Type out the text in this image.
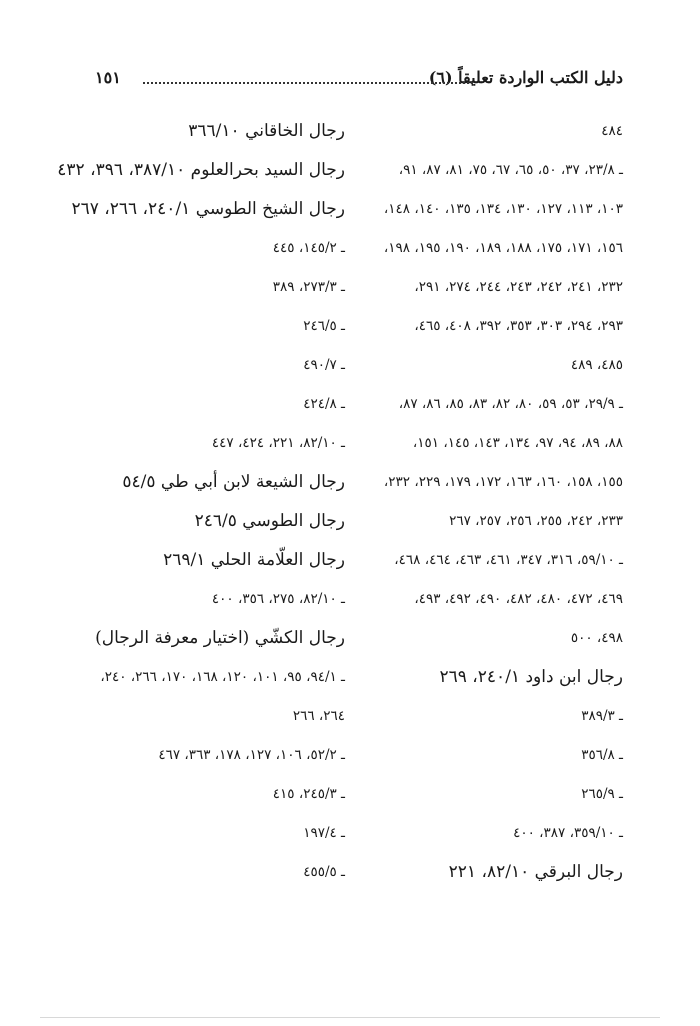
دليل الكتب الواردة تعليقاً (٦)
١٥١
٤٨٤
ـ ٢٣/٨، ٣٧، ٥٠، ٦٥، ٦٧، ٧٥، ٨١، ٨٧، ٩١،
١٠٣، ١١٣، ١٢٧، ١٣٠، ١٣٤، ١٣٥، ١٤٠، ١٤٨،
١٥٦، ١٧١، ١٧٥، ١٨٨، ١٨٩، ١٩٠، ١٩٥، ١٩٨،
٢٣٢، ٢٤١، ٢٤٢، ٢٤٣، ٢٤٤، ٢٧٤، ٢٩١،
٢٩٣، ٢٩٤، ٣٠٣، ٣٥٣، ٣٩٢، ٤٠٨، ٤٦٥،
٤٨٥، ٤٨٩
ـ ٢٩/٩، ٥٣، ٥٩، ٨٠، ٨٢، ٨٣، ٨٥، ٨٦، ٨٧،
٨٨، ٨٩، ٩٤، ٩٧، ١٣٤، ١٤٣، ١٤٥، ١٥١،
١٥٥، ١٥٨، ١٦٠، ١٦٣، ١٧٢، ١٧٩، ٢٢٩، ٢٣٢،
٢٣٣، ٢٤٢، ٢٥٥، ٢٥٦، ٢٥٧، ٢٦٧
ـ ٥٩/١٠، ٣١٦، ٣٤٧، ٤٦١، ٤٦٣، ٤٦٤، ٤٦٨،
٤٦٩، ٤٧٢، ٤٨٠، ٤٨٢، ٤٩٠، ٤٩٢، ٤٩٣،
٤٩٨، ٥٠٠
رجال ابن داود ٢٤٠/١، ٢٦٩
ـ ٣٨٩/٣
ـ ٣٥٦/٨
ـ ٢٦٥/٩
ـ ٣٥٩/١٠، ٣٨٧، ٤٠٠
رجال البرقي ٨٢/١٠، ٢٢١
رجال الخاقاني ٣٦٦/١٠
رجال السيد بحرالعلوم ٣٨٧/١٠، ٣٩٦، ٤٣٢
رجال الشيخ الطوسي ٢٤٠/١، ٢٦٦، ٢٦٧
ـ ١٤٥/٢، ٤٤٥
ـ ٢٧٣/٣، ٣٨٩
ـ ٢٤٦/٥
ـ ٤٩٠/٧
ـ ٤٢٤/٨
ـ ٨٢/١٠، ٢٢١، ٤٢٤، ٤٤٧
رجال الشيعة لابن أبي طي ٥٤/٥
رجال الطوسي ٢٤٦/٥
رجال العلّامة الحلي ٢٦٩/١
ـ ٨٢/١٠، ٢٧٥، ٣٥٦، ٤٠٠
رجال الكشّي (اختيار معرفة الرجال)
ـ ٩٤/١، ٩٥، ١٠١، ١٢٠، ١٦٨، ١٧٠، ٢٦٦، ٢٤٠،
٢٦٤، ٢٦٦
ـ ٥٢/٢، ١٠٦، ١٢٧، ١٧٨، ٣٦٣، ٤٦٧
ـ ٢٤٥/٣، ٤١٥
ـ ١٩٧/٤
ـ ٤٥٥/٥
